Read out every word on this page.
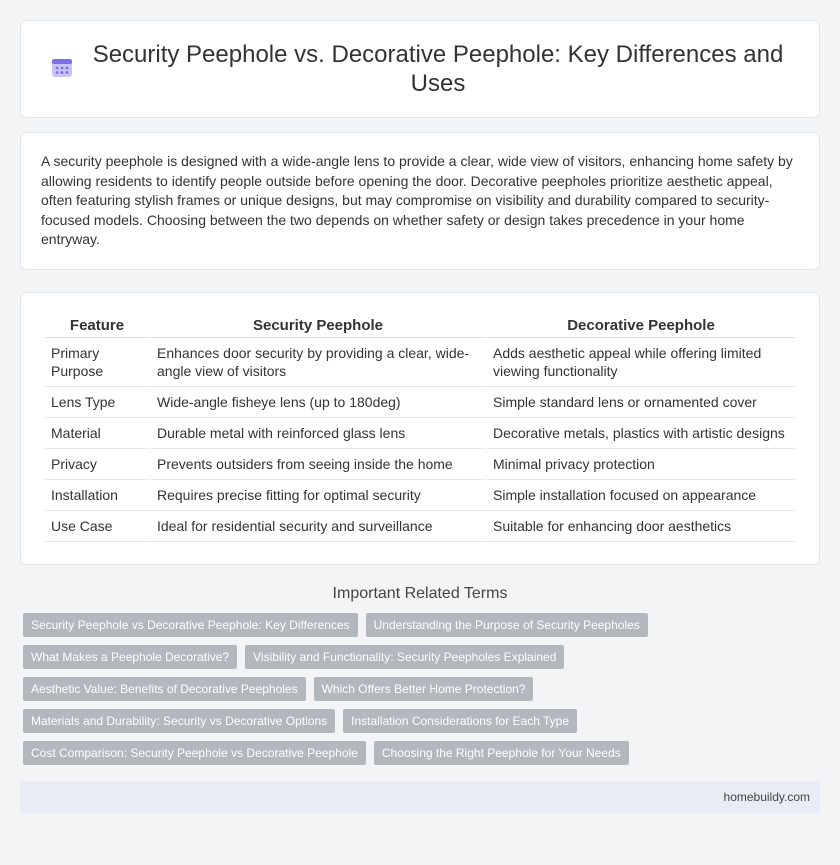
Security Peephole vs. Decorative Peephole: Key Differences and Uses

A security peephole is designed with a wide-angle lens to provide a clear, wide view of visitors, enhancing home safety by allowing residents to identify people outside before opening the door. Decorative peepholes prioritize aesthetic appeal, often featuring stylish frames or unique designs, but may compromise on visibility and durability compared to security-focused models. Choosing between the two depends on whether safety or design takes precedence in your home entryway.

Feature	Security Peephole	Decorative Peephole
Primary Purpose	Enhances door security by providing a clear, wide-angle view of visitors	Adds aesthetic appeal while offering limited viewing functionality
Lens Type	Wide-angle fisheye lens (up to 180deg)	Simple standard lens or ornamented cover
Material	Durable metal with reinforced glass lens	Decorative metals, plastics with artistic designs
Privacy	Prevents outsiders from seeing inside the home	Minimal privacy protection
Installation	Requires precise fitting for optimal security	Simple installation focused on appearance
Use Case	Ideal for residential security and surveillance	Suitable for enhancing door aesthetics
Important Related Terms
Security Peephole vs Decorative Peephole: Key Differences	Understanding the Purpose of Security Peepholes
What Makes a Peephole Decorative?	Visibility and Functionality: Security Peepholes Explained
Aesthetic Value: Benefits of Decorative Peepholes	Which Offers Better Home Protection?
Materials and Durability: Security vs Decorative Options	Installation Considerations for Each Type
Cost Comparison: Security Peephole vs Decorative Peephole	Choosing the Right Peephole for Your Needs
homebuildy.com
